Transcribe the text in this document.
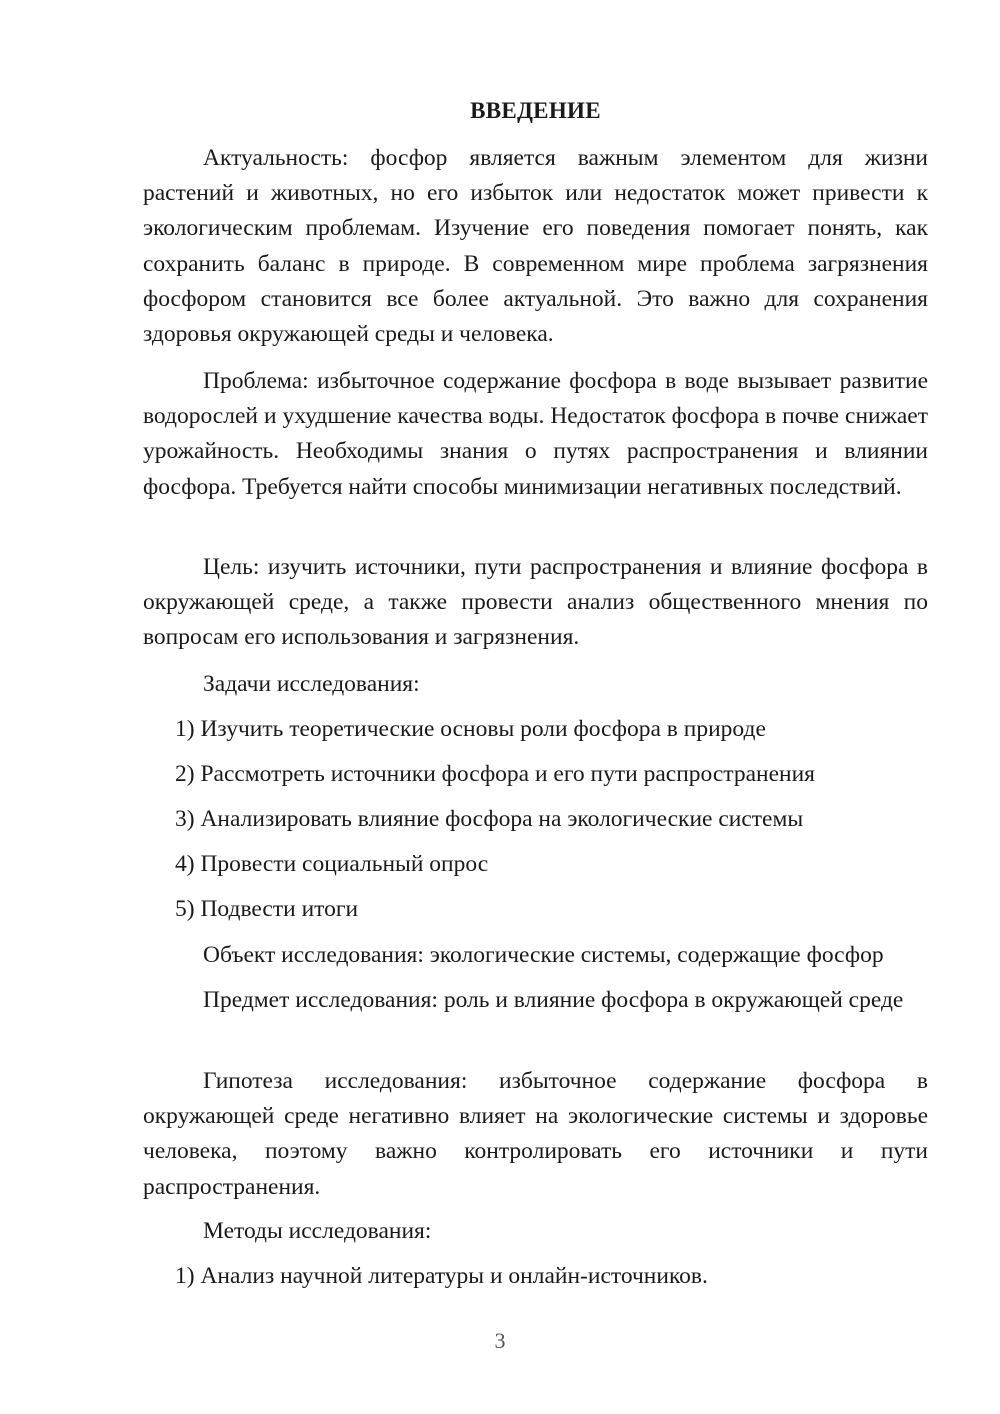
ВВЕДЕНИЕ

Актуальность: фосфор является важным элементом для жизни растений и животных, но его избыток или недостаток может привести к экологическим проблемам. Изучение его поведения помогает понять, как сохранить баланс в природе. В современном мире проблема загрязнения фосфором становится все более актуальной. Это важно для сохранения здоровья окружающей среды и человека.

Проблема: избыточное содержание фосфора в воде вызывает развитие водорослей и ухудшение качества воды. Недостаток фосфора в почве снижает урожайность. Необходимы знания о путях распространения и влиянии фосфора. Требуется найти способы минимизации негативных последствий.

Цель: изучить источники, пути распространения и влияние фосфора в окружающей среде, а также провести анализ общественного мнения по вопросам его использования и загрязнения.

Задачи исследования:
1) Изучить теоретические основы роли фосфора в природе
2) Рассмотреть источники фосфора и его пути распространения
3) Анализировать влияние фосфора на экологические системы
4) Провести социальный опрос
5) Подвести итоги
Объект исследования: экологические системы, содержащие фосфор

Предмет исследования: роль и влияние фосфора в окружающей среде

Гипотеза исследования: избыточное содержание фосфора в окружающей среде негативно влияет на экологические системы и здоровье человека, поэтому важно контролировать его источники и пути распространения.

Методы исследования:
1) Анализ научной литературы и онлайн-источников.
3
